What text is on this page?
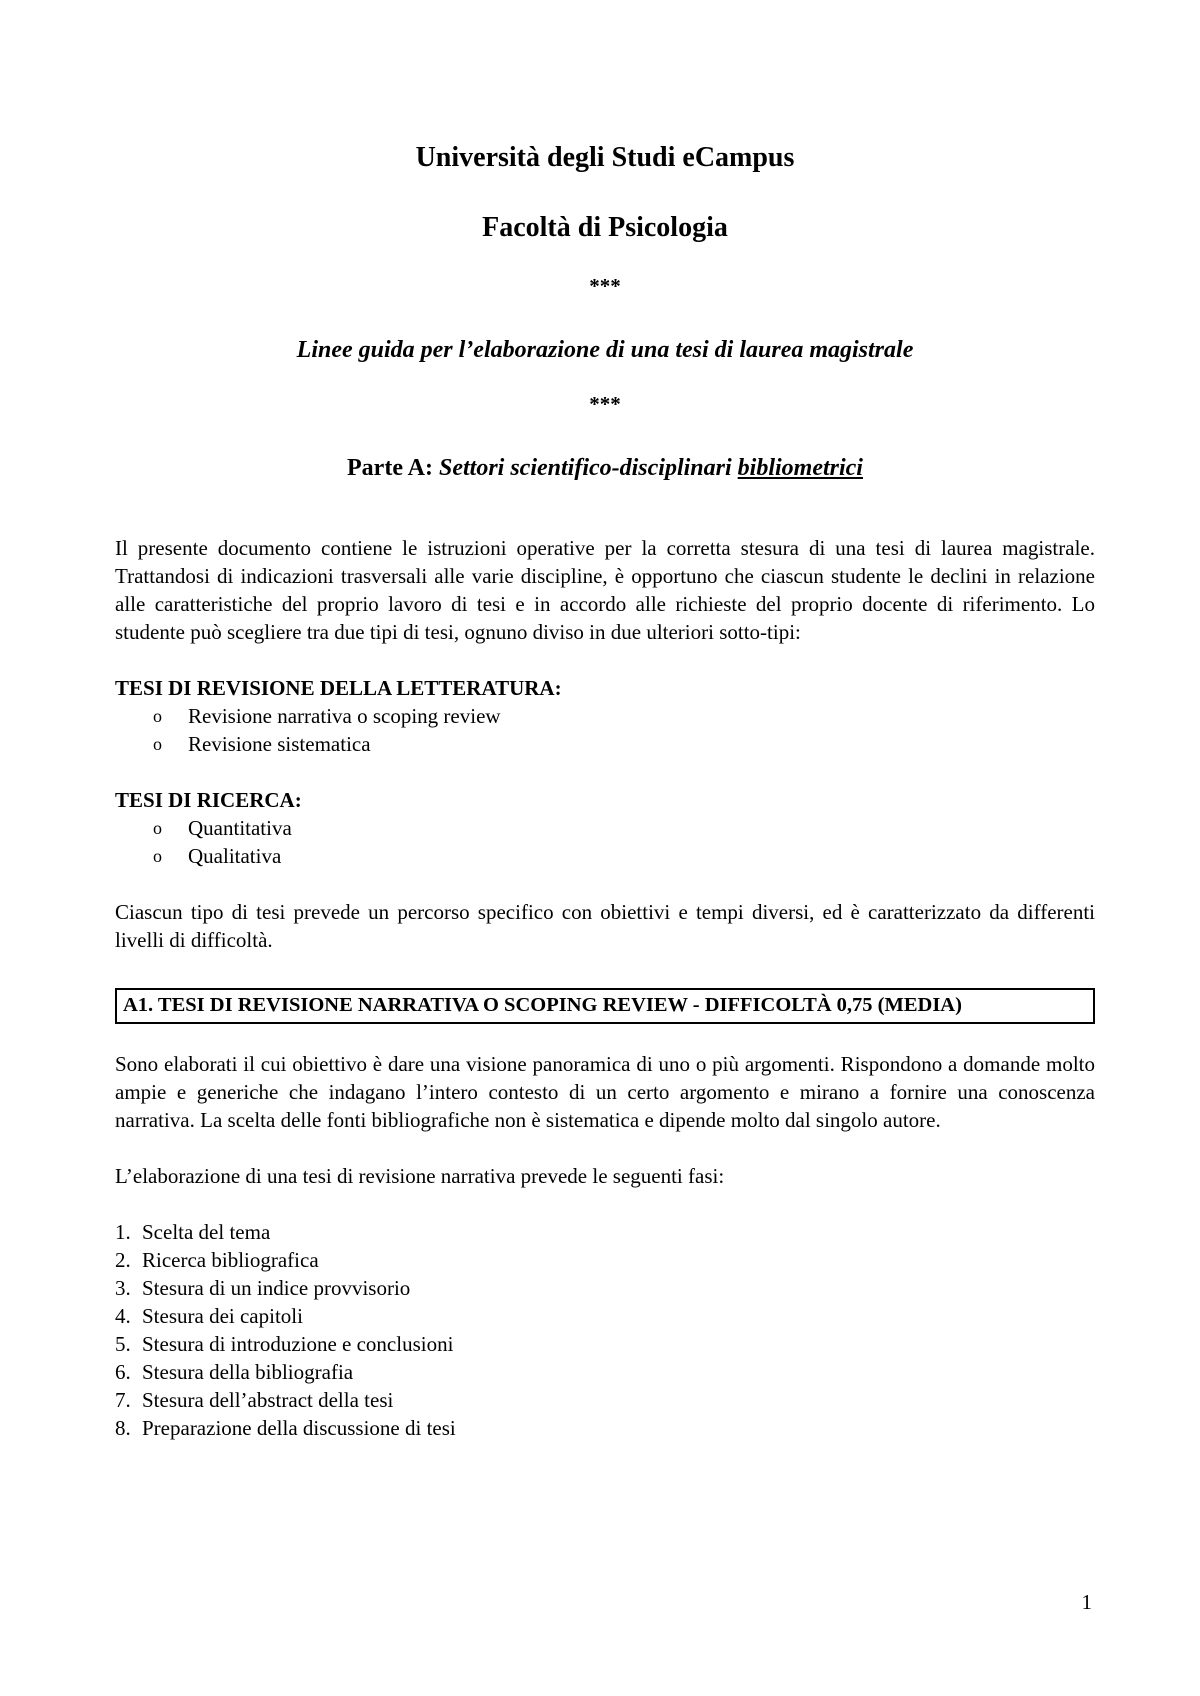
Università degli Studi eCampus

Facoltà di Psicologia

***

Linee guida per l’elaborazione di una tesi di laurea magistrale

***

Parte A: Settori scientifico-disciplinari bibliometrici

Il presente documento contiene le istruzioni operative per la corretta stesura di una tesi di laurea magistrale. Trattandosi di indicazioni trasversali alle varie discipline, è opportuno che ciascun studente le declini in relazione alle caratteristiche del proprio lavoro di tesi e in accordo alle richieste del proprio docente di riferimento. Lo studente può scegliere tra due tipi di tesi, ognuno diviso in due ulteriori sotto-tipi:

TESI DI REVISIONE DELLA LETTERATURA:

o Revisione narrativa o scoping review
o Revisione sistematica

TESI DI RICERCA:

o Quantitativa
o Qualitativa

Ciascun tipo di tesi prevede un percorso specifico con obiettivi e tempi diversi, ed è caratterizzato da differenti livelli di difficoltà.

A1. TESI DI REVISIONE NARRATIVA O SCOPING REVIEW - DIFFICOLTÀ 0,75 (MEDIA)

Sono elaborati il cui obiettivo è dare una visione panoramica di uno o più argomenti. Rispondono a domande molto ampie e generiche che indagano l’intero contesto di un certo argomento e mirano a fornire una conoscenza narrativa. La scelta delle fonti bibliografiche non è sistematica e dipende molto dal singolo autore.

L’elaborazione di una tesi di revisione narrativa prevede le seguenti fasi:

1. Scelta del tema
2. Ricerca bibliografica
3. Stesura di un indice provvisorio
4. Stesura dei capitoli
5. Stesura di introduzione e conclusioni
6. Stesura della bibliografia
7. Stesura dell’abstract della tesi
8. Preparazione della discussione di tesi
1
